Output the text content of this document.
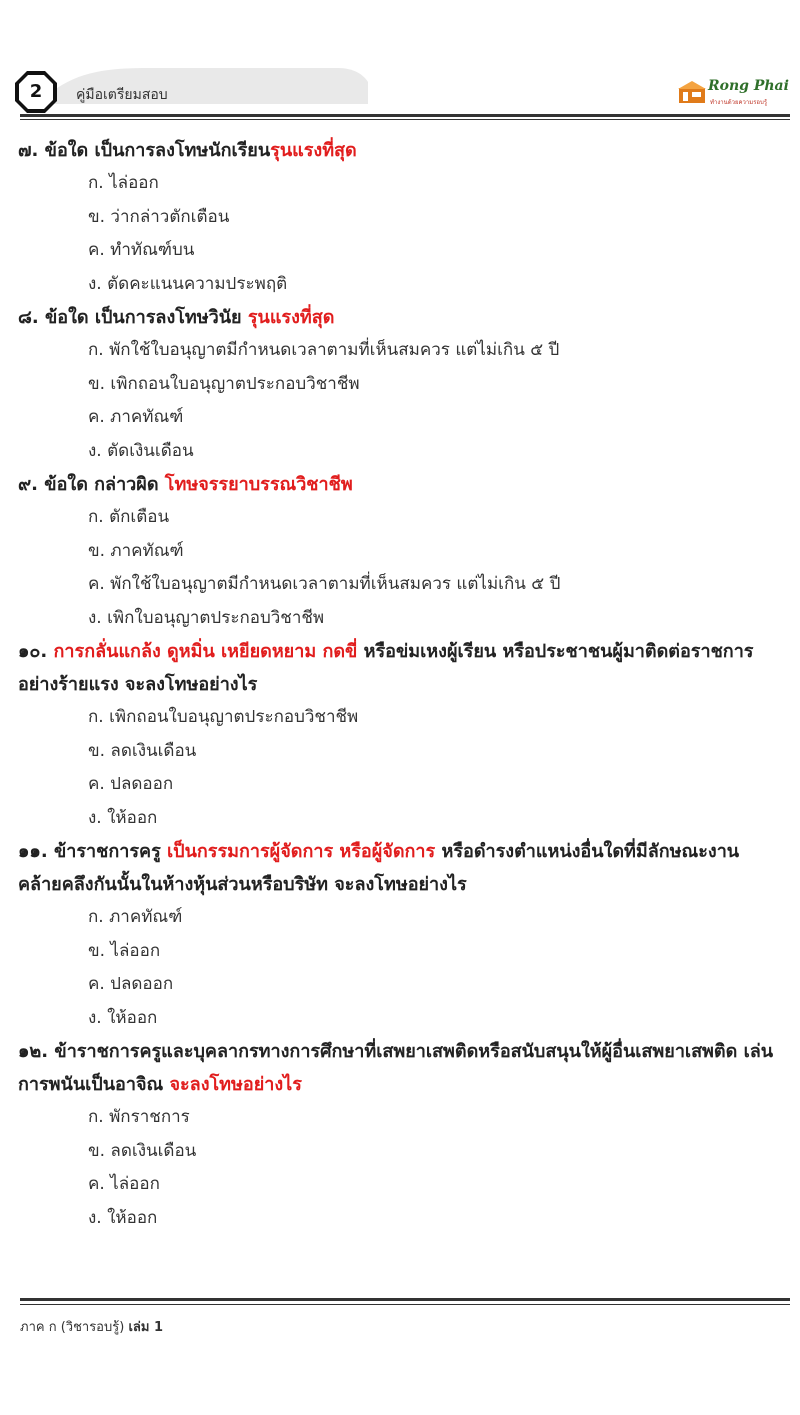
2	คู่มือเตรียมสอบ
Rong Phai
ทำงานด้วยความรอบรู้

๗. ข้อใด เป็นการลงโทษนักเรียนรุนแรงที่สุด

ก. ไล่ออก

ข. ว่ากล่าวตักเตือน

ค. ทำทัณฑ์บน

ง. ตัดคะแนนความประพฤติ

๘. ข้อใด เป็นการลงโทษวินัย รุนแรงที่สุด

ก. พักใช้ใบอนุญาตมีกำหนดเวลาตามที่เห็นสมควร แต่ไม่เกิน ๕ ปี

ข. เพิกถอนใบอนุญาตประกอบวิชาชีพ

ค. ภาคทัณฑ์

ง. ตัดเงินเดือน

๙. ข้อใด กล่าวผิด โทษจรรยาบรรณวิชาชีพ

ก. ตักเตือน

ข. ภาคทัณฑ์

ค. พักใช้ใบอนุญาตมีกำหนดเวลาตามที่เห็นสมควร แต่ไม่เกิน ๕ ปี

ง. เพิกใบอนุญาตประกอบวิชาชีพ

๑๐. การกลั่นแกล้ง ดูหมิ่น เหยียดหยาม กดขี่ หรือข่มเหงผู้เรียน หรือประชาชนผู้มาติดต่อราชการอย่างร้ายแรง จะลงโทษอย่างไร

ก. เพิกถอนใบอนุญาตประกอบวิชาชีพ

ข. ลดเงินเดือน

ค. ปลดออก

ง. ให้ออก

๑๑. ข้าราชการครู เป็นกรรมการผู้จัดการ หรือผู้จัดการ หรือดำรงตำแหน่งอื่นใดที่มีลักษณะงานคล้ายคลึงกันนั้นในห้างหุ้นส่วนหรือบริษัท จะลงโทษอย่างไร

ก. ภาคทัณฑ์

ข. ไล่ออก

ค. ปลดออก

ง. ให้ออก

๑๒. ข้าราชการครูและบุคลากรทางการศึกษาที่เสพยาเสพติดหรือสนับสนุนให้ผู้อื่นเสพยาเสพติด เล่นการพนันเป็นอาจิณ จะลงโทษอย่างไร

ก. พักราชการ

ข. ลดเงินเดือน

ค. ไล่ออก

ง. ให้ออก

ภาค ก (วิชารอบรู้) เล่ม 1
